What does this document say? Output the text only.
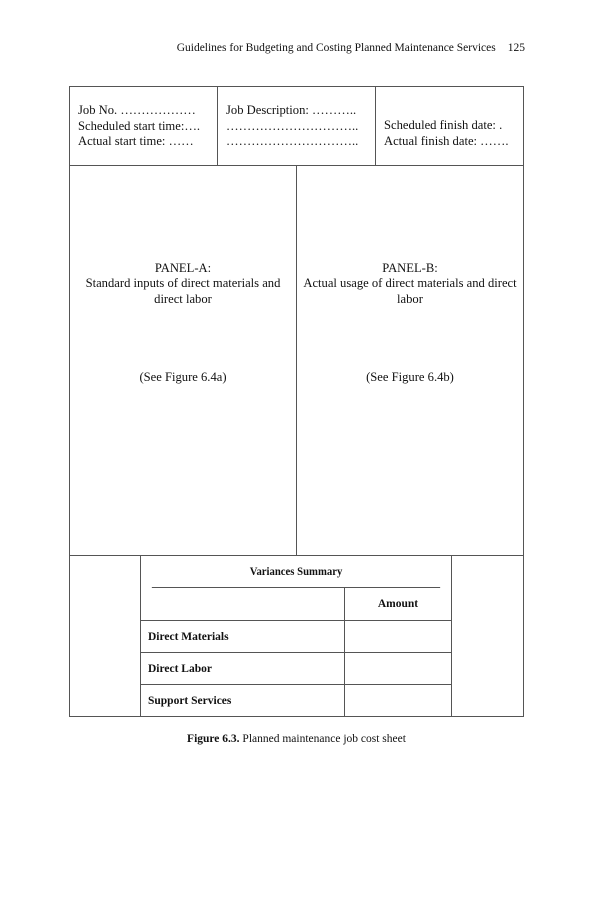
Guidelines for Budgeting and Costing Planned Maintenance Services 125
Job No. ………………
Scheduled start time:….
Actual start time: ……
Job Description: ………..
…………………………..
…………………………..
Scheduled finish date: .
Actual finish date: …….
PANEL-A:
Standard inputs of direct materials and direct labor
(See Figure 6.4a)
PANEL-B:
Actual usage of direct materials and direct labor
(See Figure 6.4b)
Variances Summary
Amount
Direct Materials
Direct Labor
Support Services
Figure 6.3. Planned maintenance job cost sheet
